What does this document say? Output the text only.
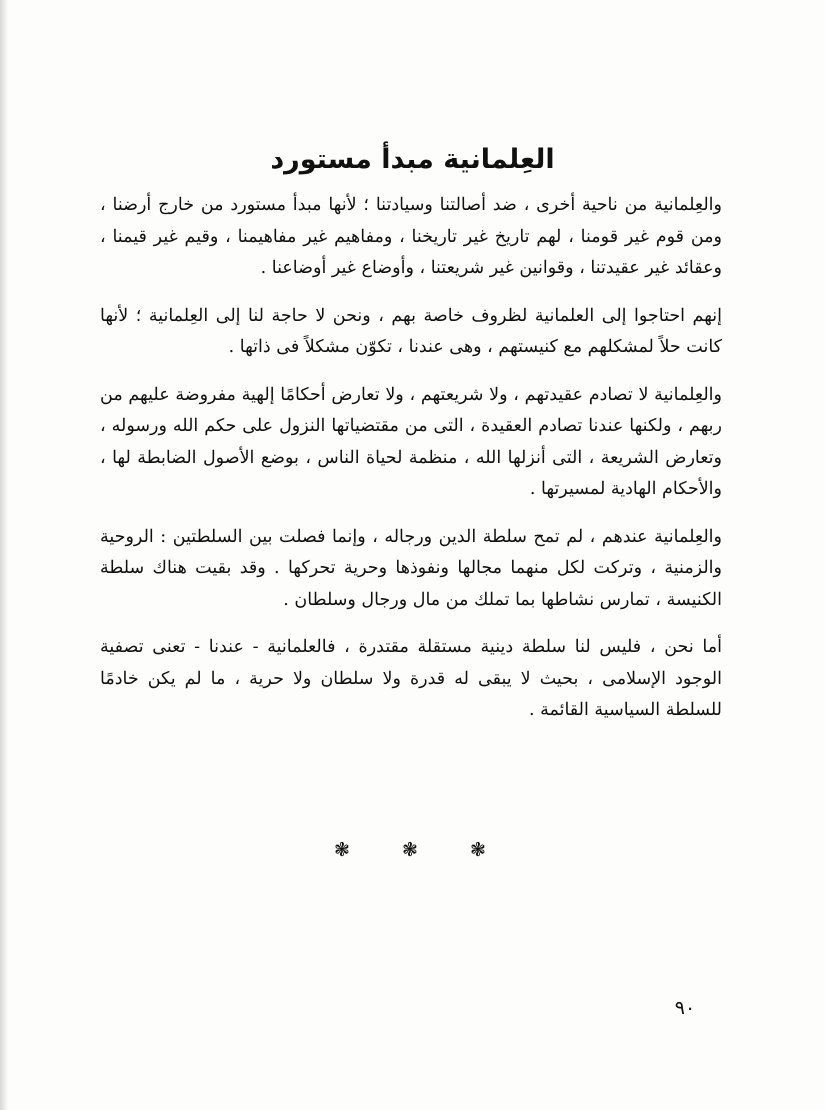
العِلمانية مبدأ مستورد

والعِلمانية من ناحية أخرى ، ضد أصالتنا وسيادتنا ؛ لأنها مبدأ مستورد من خارج أرضنا ، ومن قوم غير قومنا ، لهم تاريخ غير تاريخنا ، ومفاهيم غير مفاهيمنا ، وقيم غير قيمنا ، وعقائد غير عقيدتنا ، وقوانين غير شريعتنا ، وأوضاع غير أوضاعنا .

إنهم احتاجوا إلى العلمانية لظروف خاصة بهم ، ونحن لا حاجة لنا إلى العِلمانية ؛ لأنها كانت حلاً لمشكلهم مع كنيستهم ، وهى عندنا ، تكوّن مشكلاً فى ذاتها .

والعِلمانية لا تصادم عقيدتهم ، ولا شريعتهم ، ولا تعارض أحكامًا إلهية مفروضة عليهم من ربهم ، ولكنها عندنا تصادم العقيدة ، التى من مقتضياتها النزول على حكم الله ورسوله ، وتعارض الشريعة ، التى أنزلها الله ، منظمة لحياة الناس ، بوضع الأصول الضابطة لها ، والأحكام الهادية لمسيرتها .

والعِلمانية عندهم ، لم تمح سلطة الدين ورجاله ، وإنما فصلت بين السلطتين : الروحية والزمنية ، وتركت لكل منهما مجالها ونفوذها وحرية تحركها . وقد بقيت هناك سلطة الكنيسة ، تمارس نشاطها بما تملك من مال ورجال وسلطان .

أما نحن ، فليس لنا سلطة دينية مستقلة مقتدرة ، فالعلمانية - عندنا - تعنى تصفية الوجود الإسلامى ، بحيث لا يبقى له قدرة ولا سلطان ولا حرية ، ما لم يكن خادمًا للسلطة السياسية القائمة .

❃	❃	❃
٩٠
